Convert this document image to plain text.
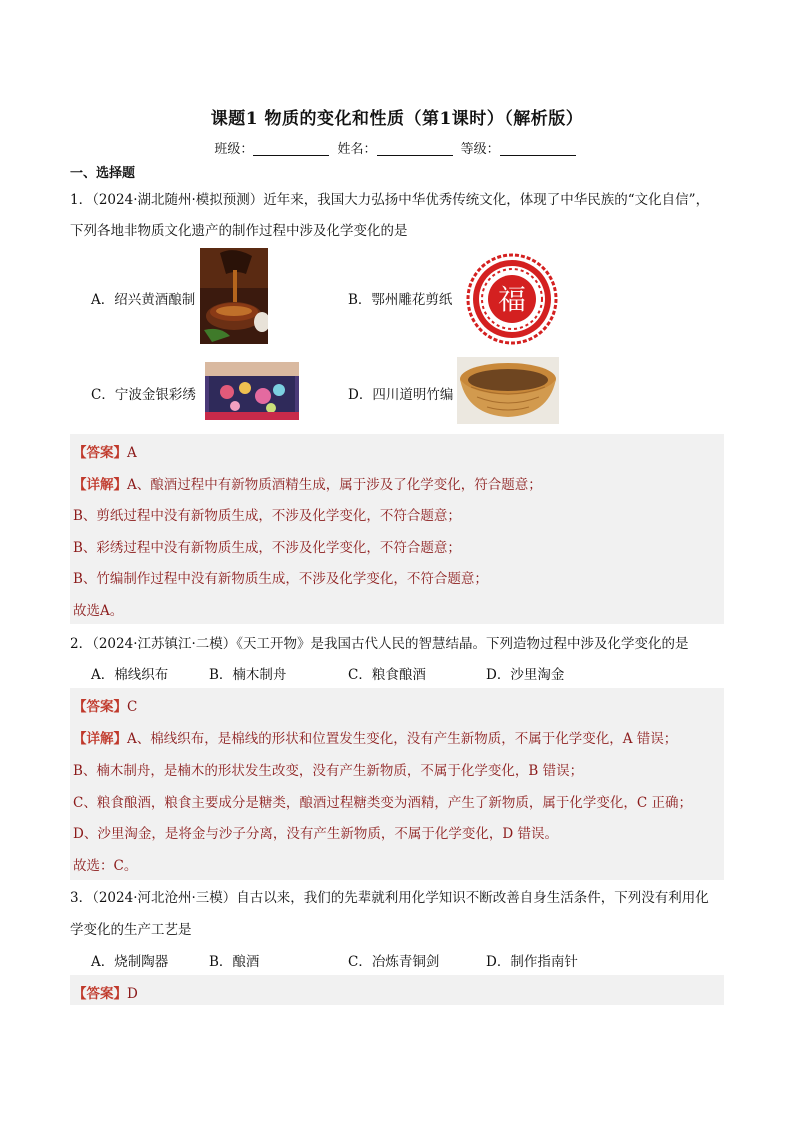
课题1 物质的变化和性质（第1课时）（解析版）
班级：	姓名：	等级：
一、选择题
1．（2024·湖北随州·模拟预测）近年来，我国大力弘扬中华优秀传统文化，体现了中华民族的“文化自信”，
下列各地非物质文化遗产的制作过程中涉及化学变化的是
A．绍兴黄酒酿制	B．鄂州雕花剪纸 福
C．宁波金银彩绣	D．四川道明竹编
【答案】A
【详解】A、酿酒过程中有新物质酒精生成，属于涉及了化学变化，符合题意；
B、剪纸过程中没有新物质生成，不涉及化学变化，不符合题意；
B、彩绣过程中没有新物质生成，不涉及化学变化，不符合题意；
B、竹编制作过程中没有新物质生成，不涉及化学变化，不符合题意；
故选A。
2．（2024·江苏镇江·二模）《天工开物》是我国古代人民的智慧结晶。下列造物过程中涉及化学变化的是
A．棉线织布	B．楠木制舟	C．粮食酿酒	D．沙里淘金
【答案】C
【详解】A、棉线织布，是棉线的形状和位置发生变化，没有产生新物质，不属于化学变化，A 错误；
B、楠木制舟，是楠木的形状发生改变，没有产生新物质，不属于化学变化，B 错误；
C、粮食酿酒，粮食主要成分是糖类，酿酒过程糖类变为酒精，产生了新物质，属于化学变化，C 正确；
D、沙里淘金，是将金与沙子分离，没有产生新物质，不属于化学变化，D 错误。
故选：C。
3．（2024·河北沧州·三模）自古以来，我们的先辈就利用化学知识不断改善自身生活条件，下列没有利用化
学变化的生产工艺是
A．烧制陶器	B．酿酒	C．冶炼青铜剑	D．制作指南针
【答案】D
